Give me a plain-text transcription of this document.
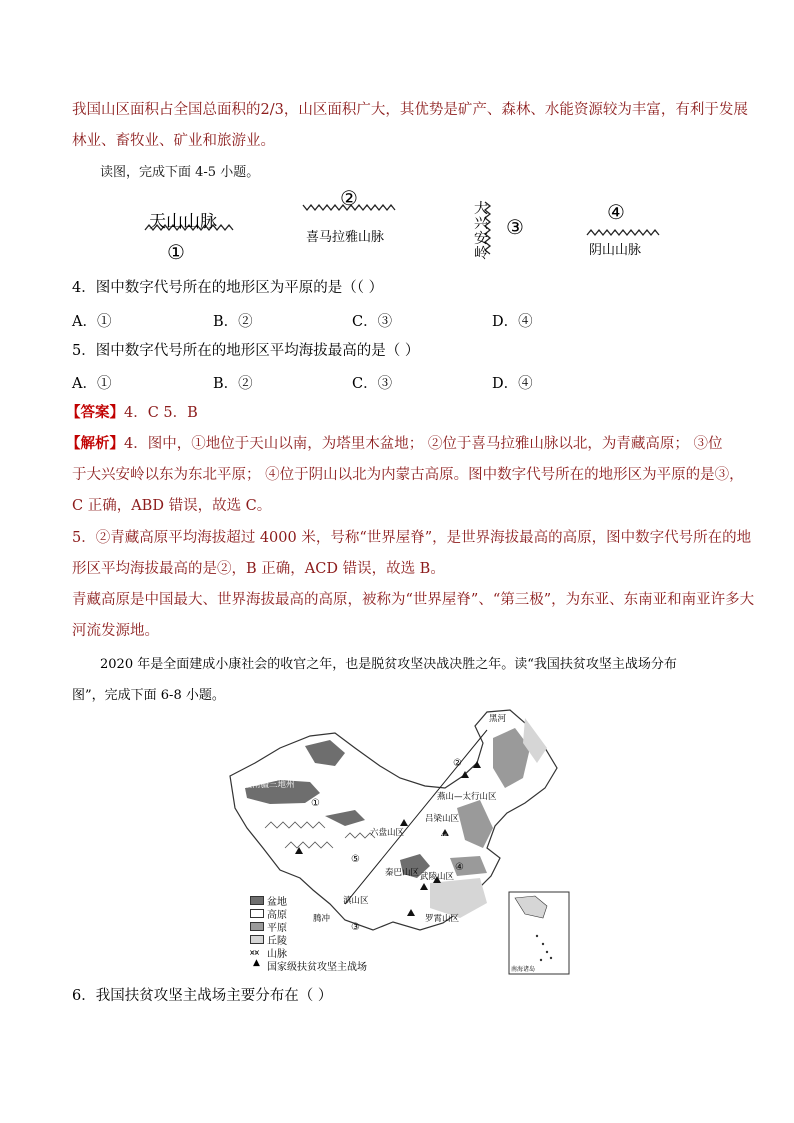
我国山区面积占全国总面积的2/3，山区面积广大，其优势是矿产、森林、水能资源较为丰富，有利于发展
林业、畜牧业、矿业和旅游业。
读图，完成下面 4-5 小题。
天山山脉
①
②
喜马拉雅山脉
大兴安岭
③
④
阴山山脉
4．图中数字代号所在的地形区为平原的是（（ ）
A．①	B．②	C．③	D．④
5．图中数字代号所在的地形区平均海拔最高的是（ ）
A．①	B．②	C．③	D．④
【答案】4．C 5．B
【解析】4．图中，①地位于天山以南，为塔里木盆地； ②位于喜马拉雅山脉以北，为青藏高原； ③位
于大兴安岭以东为东北平原； ④位于阴山以北为内蒙古高原。图中数字代号所在的地形区为平原的是③，
C 正确，ABD 错误，故选 C。
5．②青藏高原平均海拔超过 4000 米，号称“世界屋脊”，是世界海拔最高的高原，图中数字代号所在的地
形区平均海拔最高的是②，B 正确，ACD 错误，故选 B。
青藏高原是中国最大、世界海拔最高的高原，被称为“世界屋脊”、“第三极”，为东亚、东南亚和南亚许多大
河流发源地。
2020 年是全面建成小康社会的收官之年，也是脱贫攻坚决战决胜之年。读“我国扶贫攻坚主战场分布
图”，完成下面 6-8 小题。
盆地
高原
平原
丘陵
⩙⩙ 山脉
▲ 国家级扶贫攻坚主战场
黑河
南疆南疆三地州
燕山—太行山区
吕梁山区
六盘山区
大别山区
秦巴山区 武陵山区
滇山区
罗霄山区
腾冲
南海诸岛
①
②
③
④
⑤
6．我国扶贫攻坚主战场主要分布在（ ）
